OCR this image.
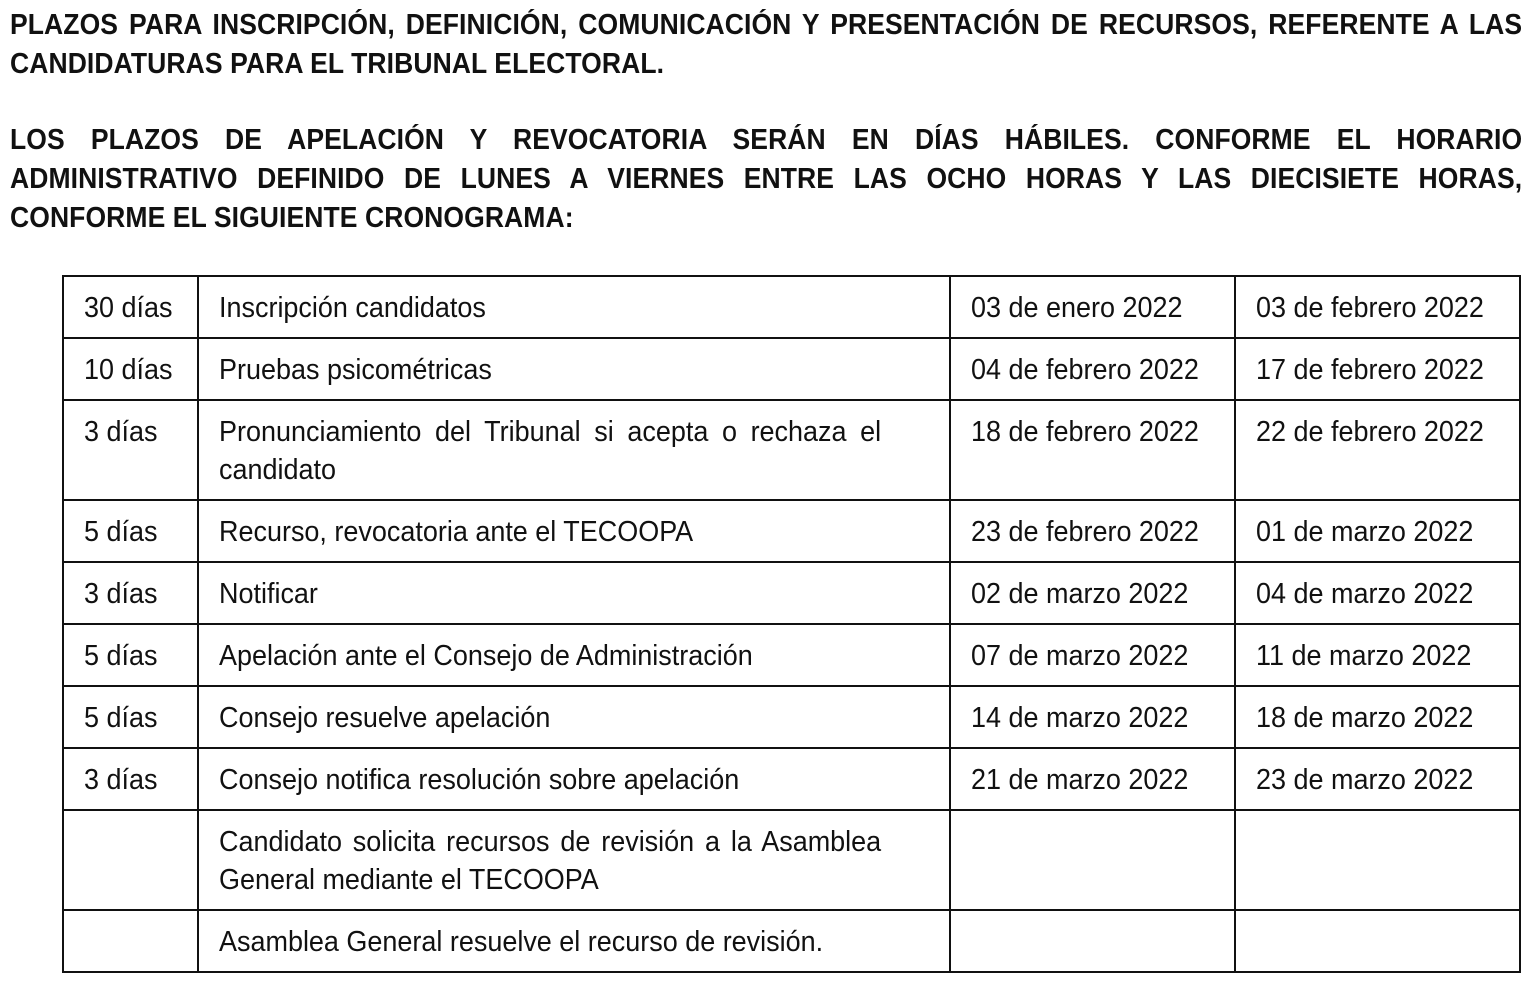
PLAZOS PARA INSCRIPCIÓN, DEFINICIÓN, COMUNICACIÓN Y PRESENTACIÓN DE RECURSOS, REFERENTE A LAS CANDIDATURAS PARA EL TRIBUNAL ELECTORAL.

LOS PLAZOS DE APELACIÓN Y REVOCATORIA SERÁN EN DÍAS HÁBILES. CONFORME EL HORARIO ADMINISTRATIVO DEFINIDO DE LUNES A VIERNES ENTRE LAS OCHO HORAS Y LAS DIECISIETE HORAS, CONFORME EL SIGUIENTE CRONOGRAMA:

30 días	Inscripción candidatos	03 de enero 2022	03 de febrero 2022
10 días	Pruebas psicométricas	04 de febrero 2022	17 de febrero 2022
3 días	Pronunciamiento del Tribunal si acepta o rechaza el candidato	18 de febrero 2022	22 de febrero 2022
5 días	Recurso, revocatoria ante el TECOOPA	23 de febrero 2022	01 de marzo 2022
3 días	Notificar	02 de marzo 2022	04 de marzo 2022
5 días	Apelación ante el Consejo de Administración	07 de marzo 2022	11 de marzo 2022
5 días	Consejo resuelve apelación	14 de marzo 2022	18 de marzo 2022
3 días	Consejo notifica resolución sobre apelación	21 de marzo 2022	23 de marzo 2022
	Candidato solicita recursos de revisión a la Asamblea General mediante el TECOOPA		
	Asamblea General resuelve el recurso de revisión.		
